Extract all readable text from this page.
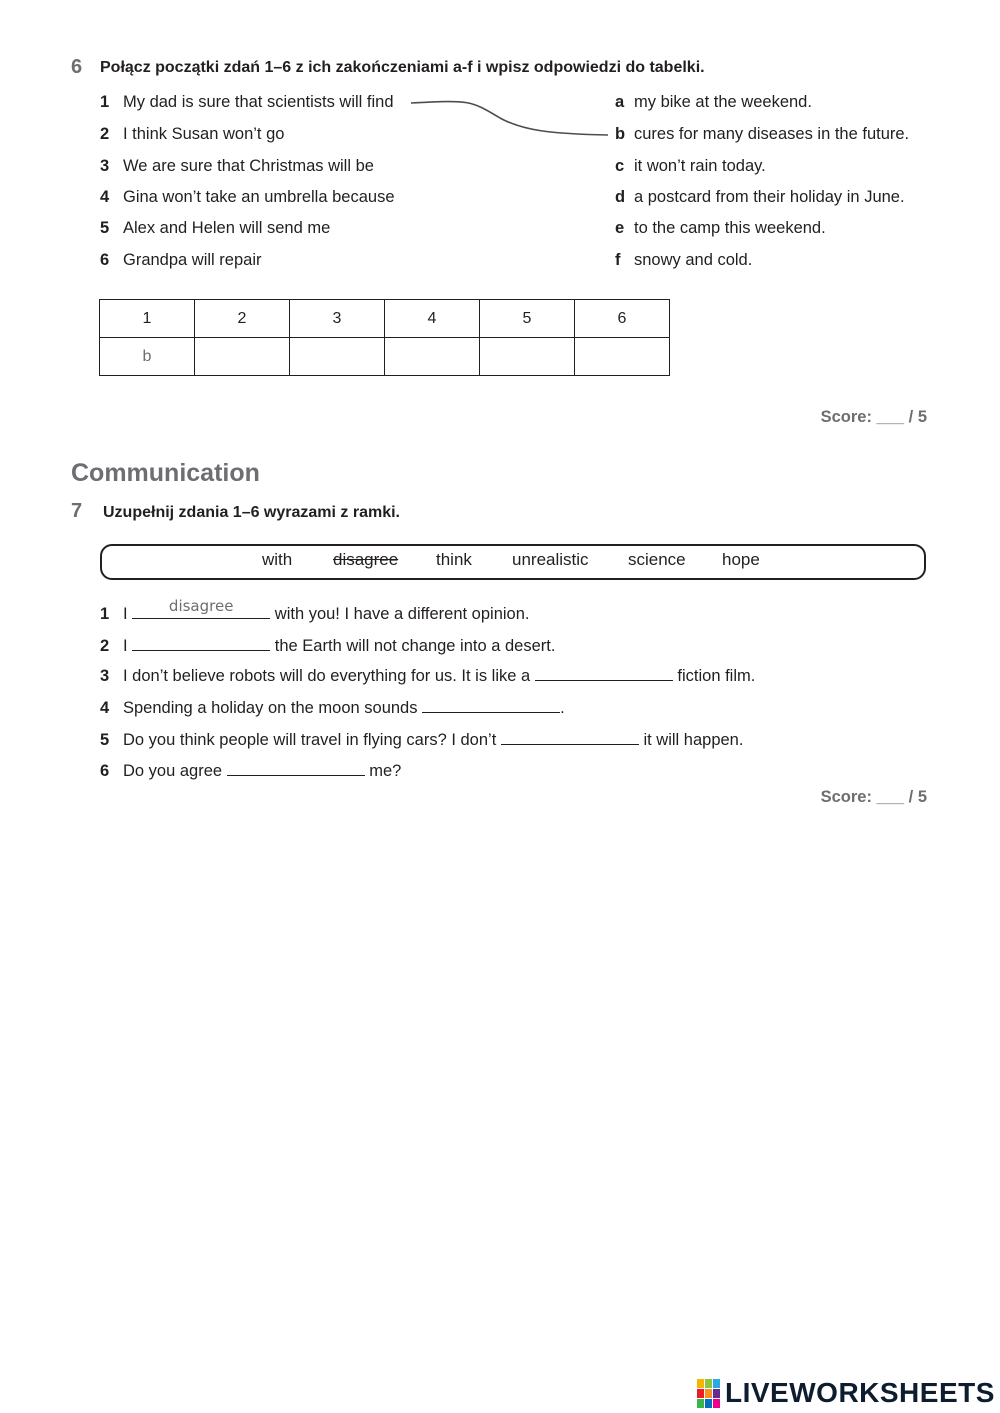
6 Połącz początki zdań 1–6 z ich zakończeniami a-f i wpisz odpowiedzi do tabelki.
1 My dad is sure that scientists will find
2 I think Susan won’t go
3 We are sure that Christmas will be
4 Gina won’t take an umbrella because
5 Alex and Helen will send me
6 Grandpa will repair
a my bike at the weekend.
b cures for many diseases in the future.
c it won’t rain today.
d a postcard from their holiday in June.
e to the camp this weekend.
f snowy and cold.
1	2	3	4	5	6
b					
Score: ___ / 5
Communication
7 Uzupełnij zdania 1–6 wyrazami z ramki.
with disagree think unrealistic science hope
1 I	disagree	with you! I have a different opinion.
2 I	the Earth will not change into a desert.
3 I don’t believe robots will do everything for us. It is like a	fiction film.
4 Spending a holiday on the moon sounds	.
5 Do you think people will travel in flying cars? I don’t	it will happen.
6 Do you agree	me?
Score: ___ / 5
LIVEWORKSHEETS
